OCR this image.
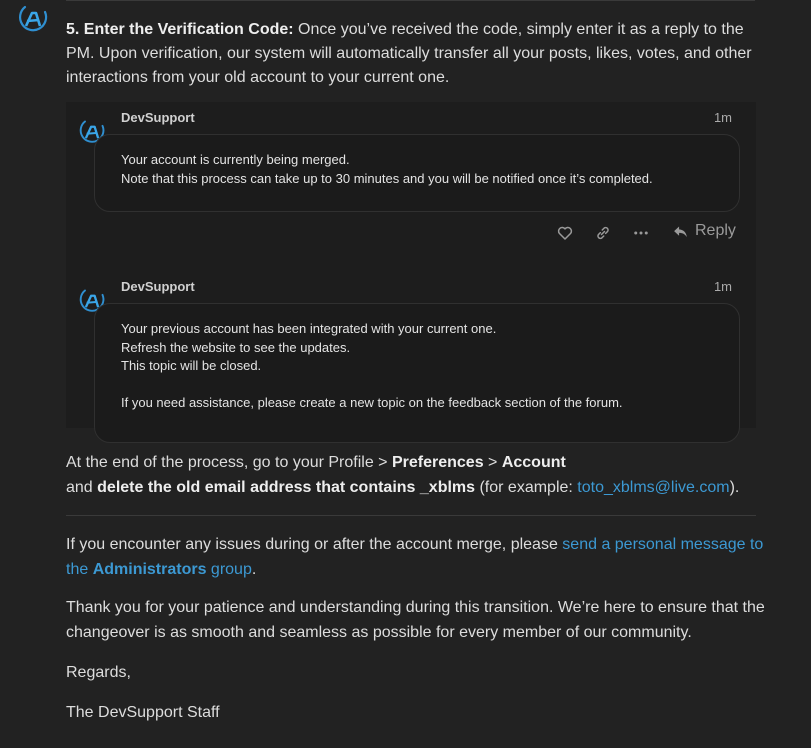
5. Enter the Verification Code: Once you’ve received the code, simply enter it as a reply to the PM. Upon verification, our system will automatically transfer all your posts, likes, votes, and other interactions from your old account to your current one.

DevSupport	1m
Your account is currently being merged.
Note that this process can take up to 30 minutes and you will be notified once it’s completed.
Reply
DevSupport	1m
Your previous account has been integrated with your current one.
Refresh the website to see the updates.
This topic will be closed.
If you need assistance, please create a new topic on the feedback section of the forum.
At the end of the process, go to your Profile > Preferences > Account
and delete the old email address that contains _xblms (for example: toto_xblms@live.com).
If you encounter any issues during or after the account merge, please send a personal message to the Administrators group.
Thank you for your patience and understanding during this transition. We’re here to ensure that the changeover is as smooth and seamless as possible for every member of our community.
Regards,
The DevSupport Staff
